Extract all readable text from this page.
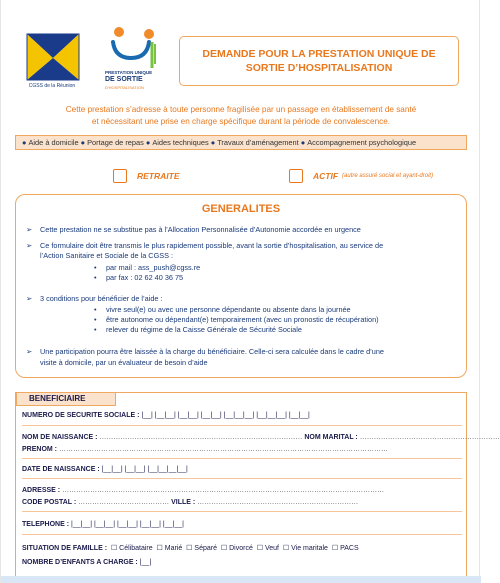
CGSS de la Réunion
PRESTATION UNIQUE
DE SORTIE
D'HOSPITALISATION
DEMANDE POUR LA PRESTATION UNIQUE DE
SORTIE D’HOSPITALISATION
Cette prestation s’adresse à toute personne fragilisée par un passage en établissement de santé
et nécessitant une prise en charge spécifique durant la période de convalescence.
● Aide à domicile ● Portage de repas ● Aides techniques ● Travaux d’aménagement ● Accompagnement psychologique
RETRAITE	ACTIF (autre assuré social et ayant-droit)
GENERALITES
➢ Cette prestation ne se substitue pas à l’Allocation Personnalisée d’Autonomie accordée en urgence
➢ Ce formulaire doit être transmis le plus rapidement possible, avant la sortie d’hospitalisation, au service de
l’Action Sanitaire et Sociale de la CGSS :
• par mail : ass_push@cgss.re
• par fax : 02 62 40 36 75
➢ 3 conditions pour bénéficier de l’aide :
• vivre seul(e) ou avec une personne dépendante ou absente dans la journée
• être autonome ou dépendant(e) temporairement (avec un pronostic de récupération)
• relever du régime de la Caisse Générale de Sécurité Sociale
➢ Une participation pourra être laissée à la charge du bénéficiaire. Celle-ci sera calculée dans le cadre d’une
visite à domicile, par un évaluateur de besoin d’aide
BENEFICIAIRE
NUMERO DE SECURITE SOCIALE : |__| |__|__| |__|__| |__|__| |__|__|__| |__|__|__| |__|__|
NOM DE NAISSANCE : …………………………………………………………………………… NOM MARITAL : ……………………………………………………
PRENOM : ……………………………………………………………………………………………………………………………
DATE DE NAISSANCE : |__|__| |__|__| |__|__|__|__|
ADRESSE : …………………………………………………………………………………………………………………………
CODE POSTAL : ………………………………… VILLE : ……………………………………………………………
TELEPHONE : |__|__| |__|__| |__|__| |__|__| |__|__|
SITUATION DE FAMILLE :  ☐ Célibataire  ☐ Marié  ☐ Séparé  ☐ Divorcé  ☐ Veuf  ☐ Vie maritale  ☐ PACS
NOMBRE D’ENFANTS A CHARGE : |__|
